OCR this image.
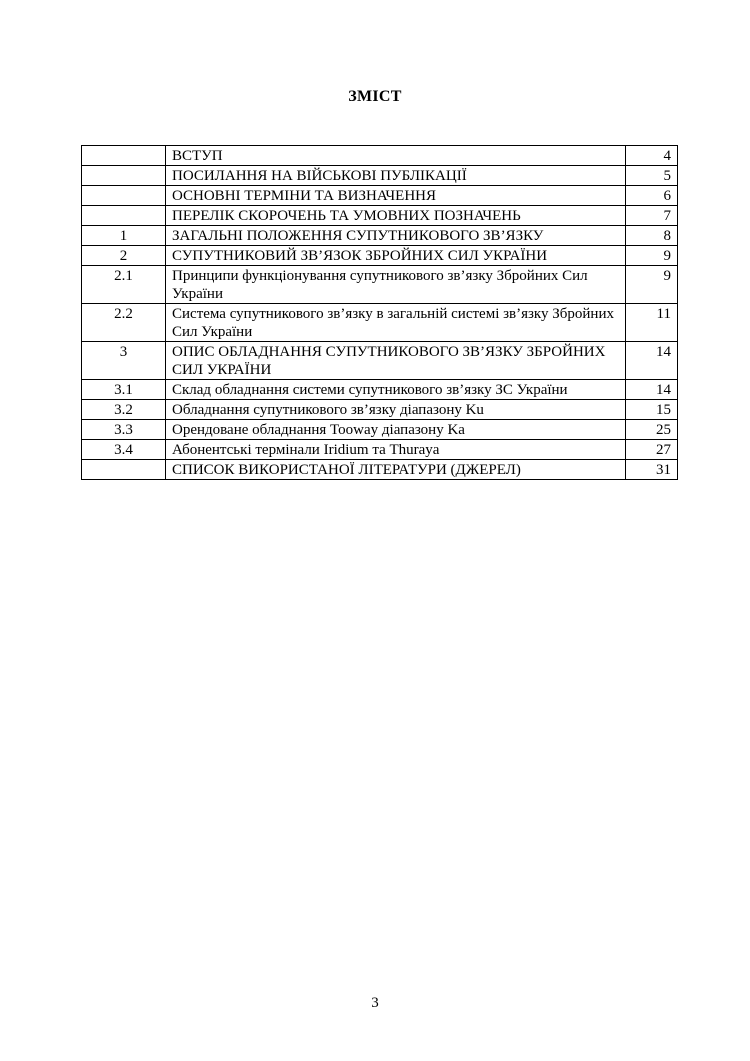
ЗМІСТ
	ВСТУП	4
	ПОСИЛАННЯ НА ВІЙСЬКОВІ ПУБЛІКАЦІЇ	5
	ОСНОВНІ ТЕРМІНИ ТА ВИЗНАЧЕННЯ	6
	ПЕРЕЛІК СКОРОЧЕНЬ ТА УМОВНИХ ПОЗНАЧЕНЬ	7
1	ЗАГАЛЬНІ ПОЛОЖЕННЯ СУПУТНИКОВОГО ЗВ’ЯЗКУ	8
2	СУПУТНИКОВИЙ ЗВ’ЯЗОК ЗБРОЙНИХ СИЛ УКРАЇНИ	9
2.1	Принципи функціонування супутникового зв’язку Збройних Сил України	9
2.2	Система супутникового зв’язку в загальній системі зв’язку Збройних Сил України	11
3	ОПИС ОБЛАДНАННЯ СУПУТНИКОВОГО ЗВ’ЯЗКУ ЗБРОЙНИХ СИЛ УКРАЇНИ	14
3.1	Склад обладнання системи супутникового зв’язку ЗС України	14
3.2	Обладнання супутникового зв’язку діапазону Ku	15
3.3	Орендоване обладнання Tooway діапазону Ka	25
3.4	Абонентські термінали Iridium та Thuraya	27
	СПИСОК ВИКОРИСТАНОЇ ЛІТЕРАТУРИ (ДЖЕРЕЛ)	31
3
